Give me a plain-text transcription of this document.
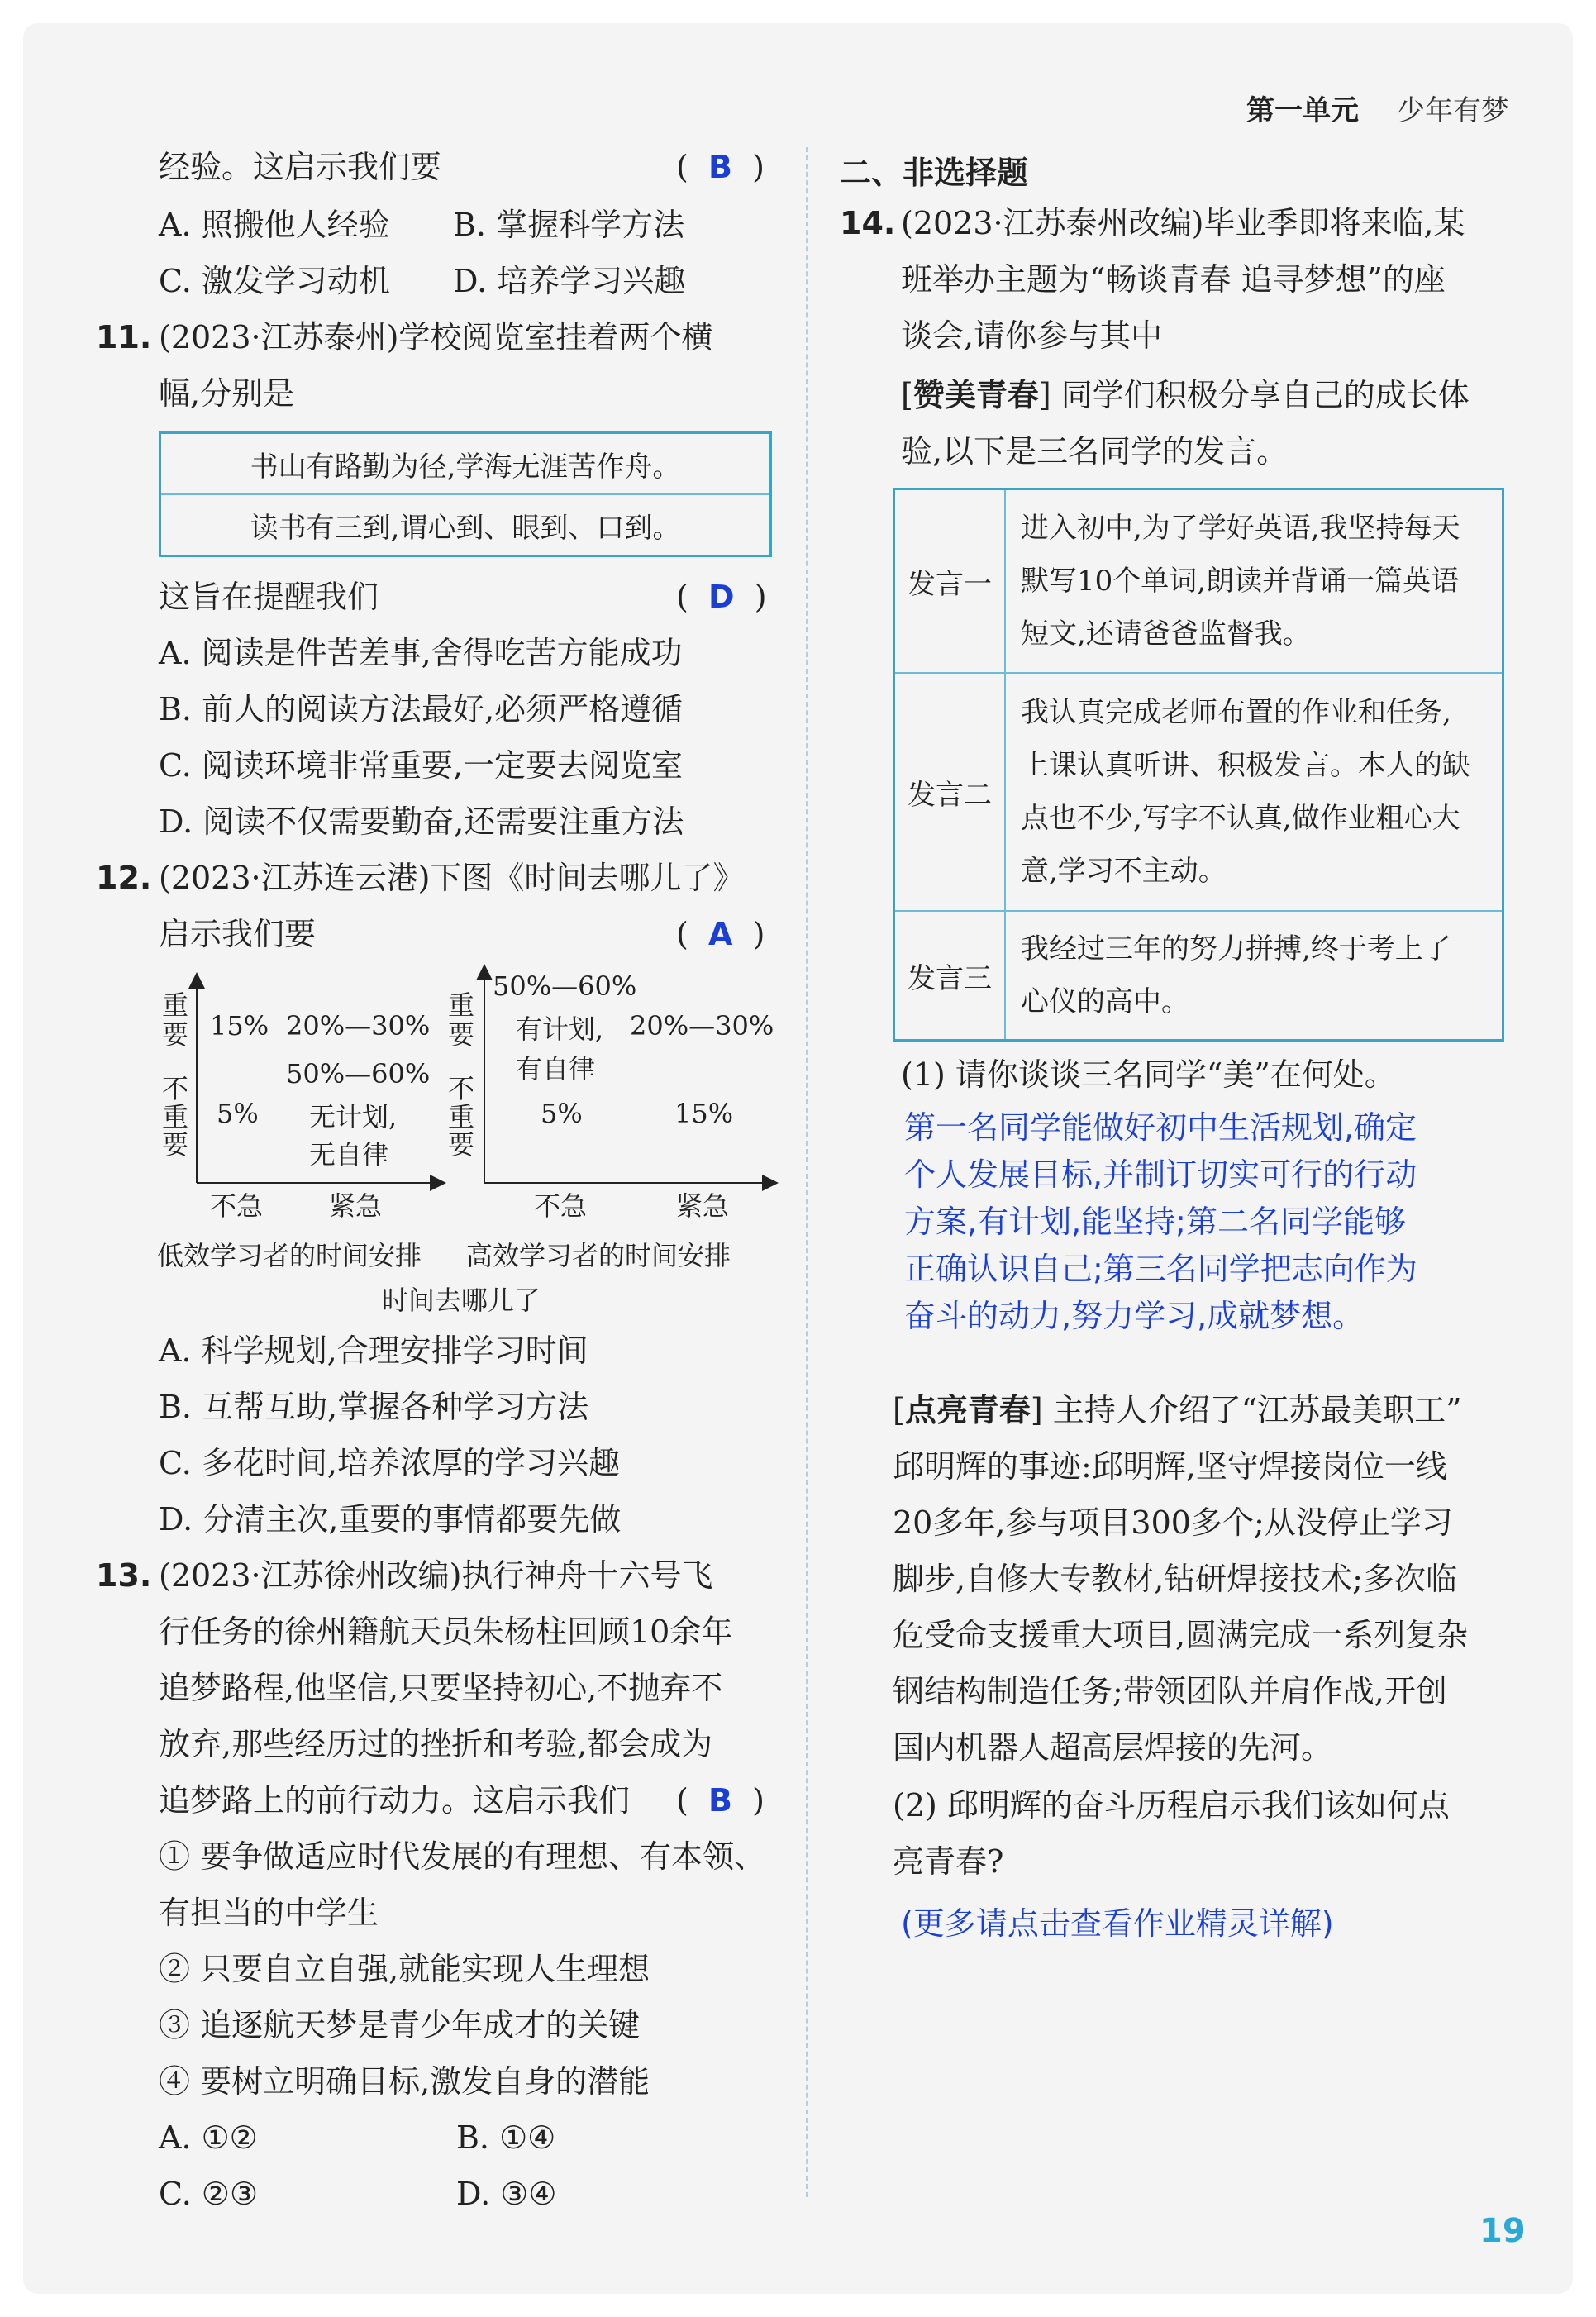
第一单元 少年有梦
经验。这启示我们要	(  B  )
A. 照搬他人经验 B. 掌握科学方法
C. 激发学习动机 D. 培养学习兴趣
11. (2023·江苏泰州)学校阅览室挂着两个横
幅,分别是
书山有路勤为径,学海无涯苦作舟。
读书有三到,谓心到、眼到、口到。
这旨在提醒我们	(  D  )
A. 阅读是件苦差事,舍得吃苦方能成功
B. 前人的阅读方法最好,必须严格遵循
C. 阅读环境非常重要,一定要去阅览室
D. 阅读不仅需要勤奋,还需要注重方法
12. (2023·江苏连云港)下图《时间去哪儿了》
启示我们要	(  A  )
重要
不重要
15% 20%—30%
50%—60%
无计划,
无自律
5%
不急 紧急
重要
不重要
50%—60%
有计划,
有自律
20%—30%
5%	15%
不急	紧急
低效学习者的时间安排 高效学习者的时间安排
时间去哪儿了
A. 科学规划,合理安排学习时间
B. 互帮互助,掌握各种学习方法
C. 多花时间,培养浓厚的学习兴趣
D. 分清主次,重要的事情都要先做
13. (2023·江苏徐州改编)执行神舟十六号飞
行任务的徐州籍航天员朱杨柱回顾10余年
追梦路程,他坚信,只要坚持初心,不抛弃不
放弃,那些经历过的挫折和考验,都会成为
追梦路上的前行动力。这启示我们 (  B  )
① 要争做适应时代发展的有理想、有本领、
有担当的中学生
② 只要自立自强,就能实现人生理想
③ 追逐航天梦是青少年成才的关键
④ 要树立明确目标,激发自身的潜能
A. ①②	B. ①④
C. ②③	D. ③④
二、非选择题
14. (2023·江苏泰州改编)毕业季即将来临,某
班举办主题为“畅谈青春 追寻梦想”的座
谈会,请你参与其中
[赞美青春] 同学们积极分享自己的成长体
验,以下是三名同学的发言。
发言一	进入初中,为了学好英语,我坚持每天
默写10个单词,朗读并背诵一篇英语
短文,还请爸爸监督我。

发言二	我认真完成老师布置的作业和任务,
上课认真听讲、积极发言。本人的缺
点也不少,写字不认真,做作业粗心大
意,学习不主动。

发言三	我经过三年的努力拼搏,终于考上了
心仪的高中。
(1) 请你谈谈三名同学“美”在何处。
第一名同学能做好初中生活规划,确定
个人发展目标,并制订切实可行的行动
方案,有计划,能坚持;第二名同学能够
正确认识自己;第三名同学把志向作为
奋斗的动力,努力学习,成就梦想。
[点亮青春] 主持人介绍了“江苏最美职工”
邱明辉的事迹:邱明辉,坚守焊接岗位一线
20多年,参与项目300多个;从没停止学习
脚步,自修大专教材,钻研焊接技术;多次临
危受命支援重大项目,圆满完成一系列复杂
钢结构制造任务;带领团队并肩作战,开创
国内机器人超高层焊接的先河。
(2) 邱明辉的奋斗历程启示我们该如何点
亮青春?
(更多请点击查看作业精灵详解)
19
